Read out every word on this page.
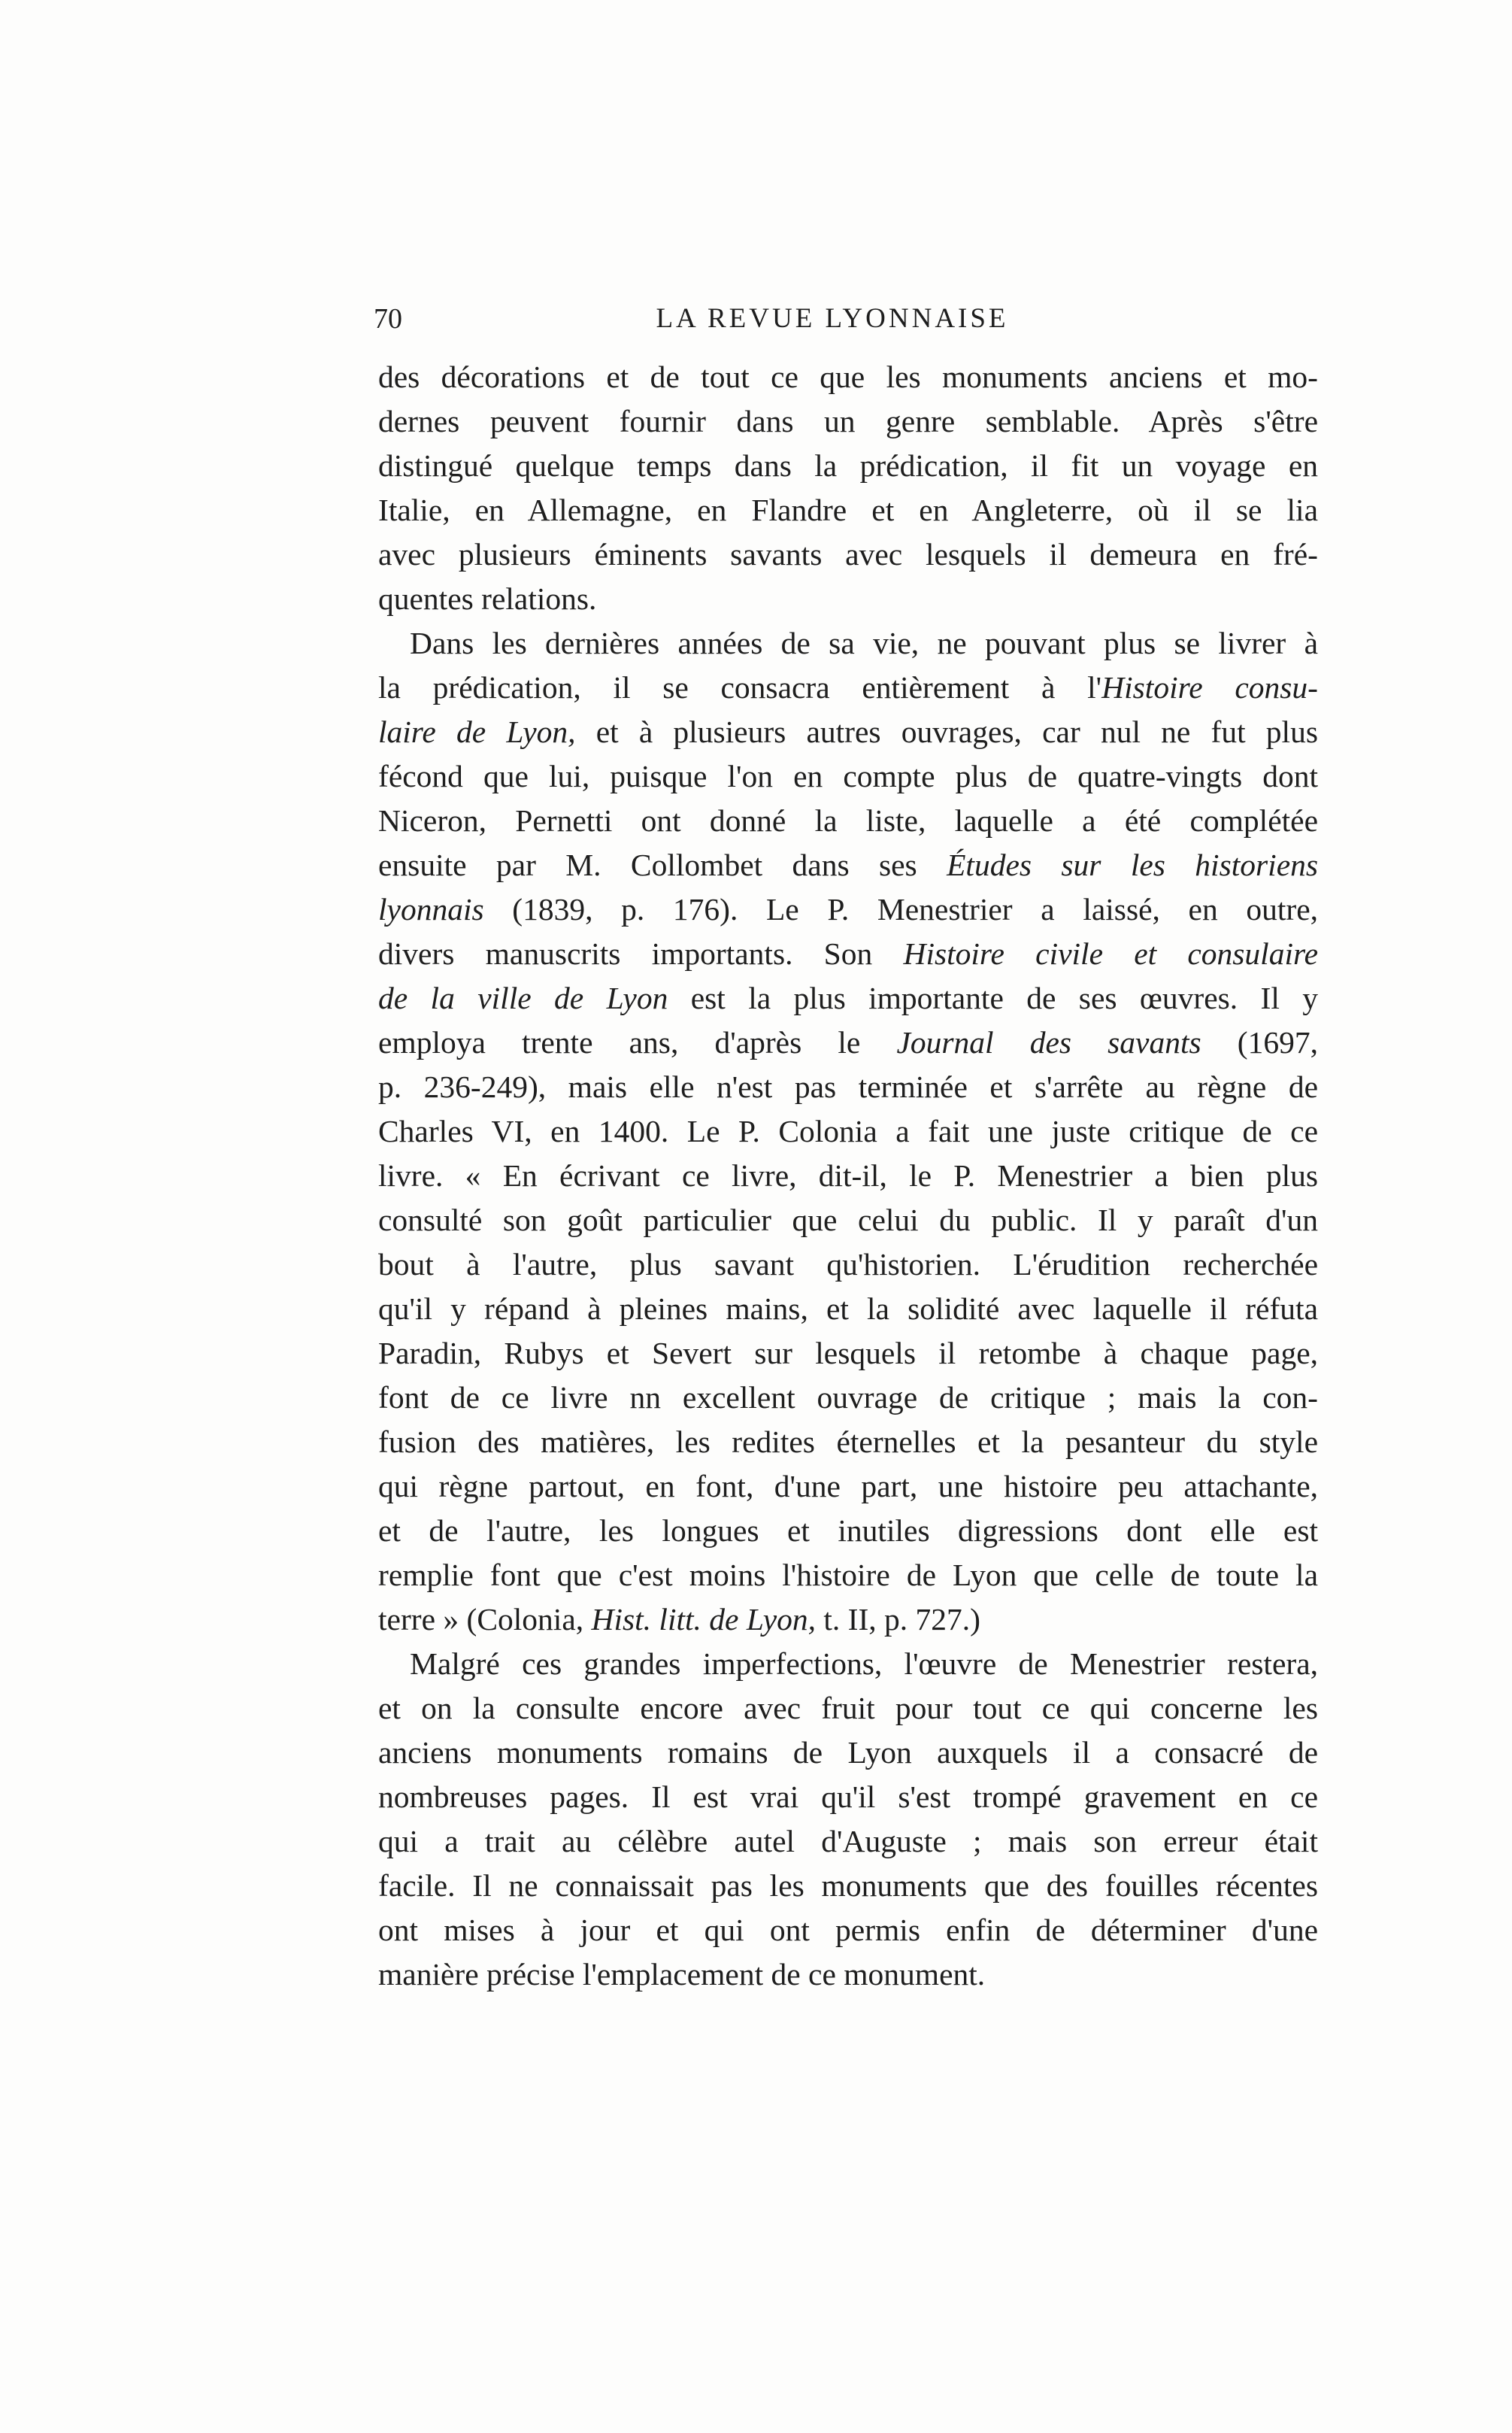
70	LA REVUE LYONNAISE
des décorations et de tout ce que les monuments anciens et mo-
dernes peuvent fournir dans un genre semblable. Après s'être
distingué quelque temps dans la prédication, il fit un voyage en
Italie, en Allemagne, en Flandre et en Angleterre, où il se lia
avec plusieurs éminents savants avec lesquels il demeura en fré-
quentes relations.
Dans les dernières années de sa vie, ne pouvant plus se livrer à
la prédication, il se consacra entièrement à l'Histoire consu-
laire de Lyon, et à plusieurs autres ouvrages, car nul ne fut plus
fécond que lui, puisque l'on en compte plus de quatre-vingts dont
Niceron, Pernetti ont donné la liste, laquelle a été complétée
ensuite par M. Collombet dans ses Études sur les historiens
lyonnais (1839, p. 176). Le P. Menestrier a laissé, en outre,
divers manuscrits importants. Son Histoire civile et consulaire
de la ville de Lyon est la plus importante de ses œuvres. Il y
employa trente ans, d'après le Journal des savants (1697,
p. 236-249), mais elle n'est pas terminée et s'arrête au règne de
Charles VI, en 1400. Le P. Colonia a fait une juste critique de ce
livre. « En écrivant ce livre, dit-il, le P. Menestrier a bien plus
consulté son goût particulier que celui du public. Il y paraît d'un
bout à l'autre, plus savant qu'historien. L'érudition recherchée
qu'il y répand à pleines mains, et la solidité avec laquelle il réfuta
Paradin, Rubys et Severt sur lesquels il retombe à chaque page,
font de ce livre nn excellent ouvrage de critique ; mais la con-
fusion des matières, les redites éternelles et la pesanteur du style
qui règne partout, en font, d'une part, une histoire peu attachante,
et de l'autre, les longues et inutiles digressions dont elle est
remplie font que c'est moins l'histoire de Lyon que celle de toute la
terre » (Colonia, Hist. litt. de Lyon, t. II, p. 727.)
Malgré ces grandes imperfections, l'œuvre de Menestrier restera,
et on la consulte encore avec fruit pour tout ce qui concerne les
anciens monuments romains de Lyon auxquels il a consacré de
nombreuses pages. Il est vrai qu'il s'est trompé gravement en ce
qui a trait au célèbre autel d'Auguste ; mais son erreur était
facile. Il ne connaissait pas les monuments que des fouilles récentes
ont mises à jour et qui ont permis enfin de déterminer d'une
manière précise l'emplacement de ce monument.
